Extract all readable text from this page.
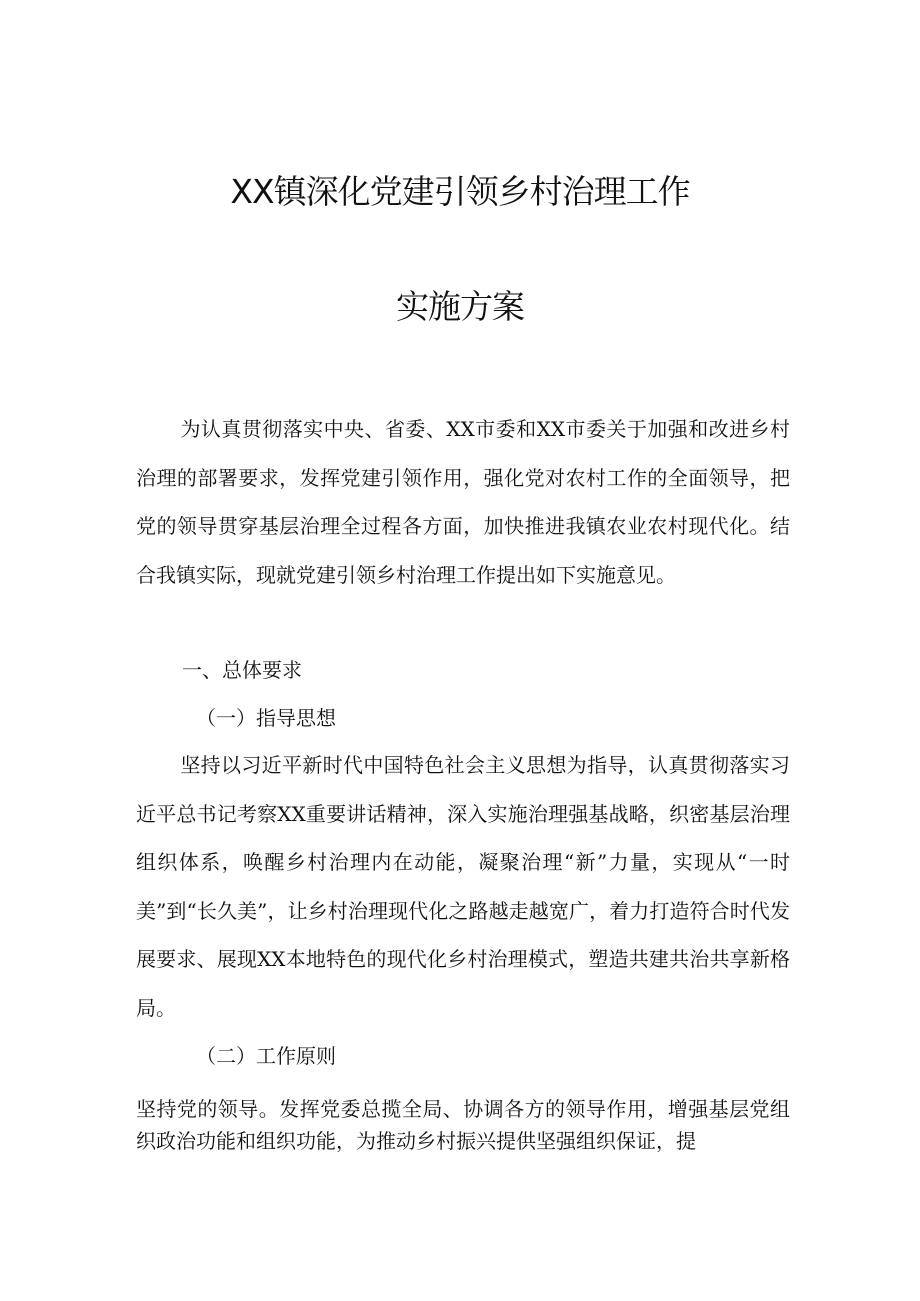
XX镇深化党建引领乡村治理工作
实施方案
为认真贯彻落实中央、省委、XX市委和XX市委关于加强和改进乡村治理的部署要求，发挥党建引领作用，强化党对农村工作的全面领导，把党的领导贯穿基层治理全过程各方面，加快推进我镇农业农村现代化。结合我镇实际，现就党建引领乡村治理工作提出如下实施意见。
一、总体要求
（一）指导思想
坚持以习近平新时代中国特色社会主义思想为指导，认真贯彻落实习近平总书记考察XX重要讲话精神，深入实施治理强基战略，织密基层治理组织体系，唤醒乡村治理内在动能，凝聚治理“新”力量，实现从“一时美”到“长久美”，让乡村治理现代化之路越走越宽广，着力打造符合时代发展要求、展现XX本地特色的现代化乡村治理模式，塑造共建共治共享新格局。
（二）工作原则
坚持党的领导。发挥党委总揽全局、协调各方的领导作用，增强基层党组织政治功能和组织功能，为推动乡村振兴提供坚强组织保证，提
